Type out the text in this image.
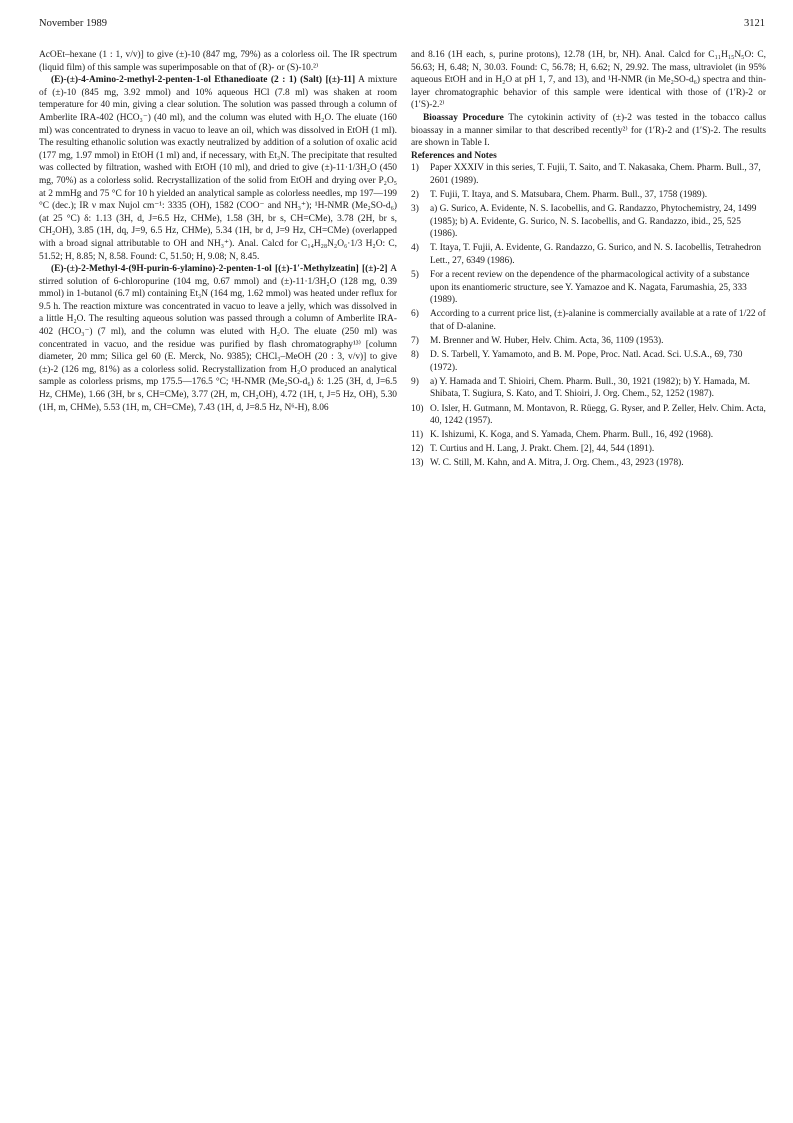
November 1989	3121

AcOEt–hexane (1 : 1, v/v)] to give (±)-10 (847 mg, 79%) as a colorless oil. The IR spectrum (liquid film) of this sample was superimposable on that of (R)- or (S)-10.²⁾

(E)-(±)-4-Amino-2-methyl-2-penten-1-ol Ethanedioate (2 : 1) (Salt) [(±)-11] A mixture of (±)-10 (845 mg, 3.92 mmol) and 10% aqueous HCl (7.8 ml) was shaken at room temperature for 40 min, giving a clear solution. The solution was passed through a column of Amberlite IRA-402 (HCO₃⁻) (40 ml), and the column was eluted with H₂O. The eluate (160 ml) was concentrated to dryness in vacuo to leave an oil, which was dissolved in EtOH (1 ml). The resulting ethanolic solution was exactly neutralized by addition of a solution of oxalic acid (177 mg, 1.97 mmol) in EtOH (1 ml) and, if necessary, with Et₃N. The precipitate that resulted was collected by filtration, washed with EtOH (10 ml), and dried to give (±)-11·1/3H₂O (450 mg, 70%) as a colorless solid. Recrystallization of the solid from EtOH and drying over P₂O₅ at 2 mmHg and 75 °C for 10 h yielded an analytical sample as colorless needles, mp 197—199 °C (dec.); IR ν max Nujol cm⁻¹: 3335 (OH), 1582 (COO⁻ and NH₃⁺); ¹H-NMR (Me₂SO-d₆) (at 25 °C) δ: 1.13 (3H, d, J=6.5 Hz, CHMe), 1.58 (3H, br s, CH=CMe), 3.78 (2H, br s, CH₂OH), 3.85 (1H, dq, J=9, 6.5 Hz, CHMe), 5.34 (1H, br d, J=9 Hz, CH=CMe) (overlapped with a broad signal attributable to OH and NH₃⁺). Anal. Calcd for C₁₄H₂₈N₂O₆·1/3 H₂O: C, 51.52; H, 8.85; N, 8.58. Found: C, 51.50; H, 9.08; N, 8.45.

(E)-(±)-2-Methyl-4-(9H-purin-6-ylamino)-2-penten-1-ol [(±)-1′-Methylzeatin] [(±)-2] A stirred solution of 6-chloropurine (104 mg, 0.67 mmol) and (±)-11·1/3H₂O (128 mg, 0.39 mmol) in 1-butanol (6.7 ml) containing Et₃N (164 mg, 1.62 mmol) was heated under reflux for 9.5 h. The reaction mixture was concentrated in vacuo to leave a jelly, which was dissolved in a little H₂O. The resulting aqueous solution was passed through a column of Amberlite IRA-402 (HCO₃⁻) (7 ml), and the column was eluted with H₂O. The eluate (250 ml) was concentrated in vacuo, and the residue was purified by flash chromatography¹³⁾ [column diameter, 20 mm; Silica gel 60 (E. Merck, No. 9385); CHCl₃–MeOH (20 : 3, v/v)] to give (±)-2 (126 mg, 81%) as a colorless solid. Recrystallization from H₂O produced an analytical sample as colorless prisms, mp 175.5—176.5 °C; ¹H-NMR (Me₂SO-d₆) δ: 1.25 (3H, d, J=6.5 Hz, CHMe), 1.66 (3H, br s, CH=CMe), 3.77 (2H, m, CH₂OH), 4.72 (1H, t, J=5 Hz, OH), 5.30 (1H, m, CHMe), 5.53 (1H, m, CH=CMe), 7.43 (1H, d, J=8.5 Hz, N⁶-H), 8.06

and 8.16 (1H each, s, purine protons), 12.78 (1H, br, NH). Anal. Calcd for C₁₁H₁₅N₅O: C, 56.63; H, 6.48; N, 30.03. Found: C, 56.78; H, 6.62; N, 29.92. The mass, ultraviolet (in 95% aqueous EtOH and in H₂O at pH 1, 7, and 13), and ¹H-NMR (in Me₂SO-d₆) spectra and thin-layer chromatographic behavior of this sample were identical with those of (1′R)-2 or (1′S)-2.²⁾

Bioassay Procedure The cytokinin activity of (±)-2 was tested in the tobacco callus bioassay in a manner similar to that described recently²⁾ for (1′R)-2 and (1′S)-2. The results are shown in Table I.

References and Notes

1)	Paper XXXIV in this series, T. Fujii, T. Saito, and T. Nakasaka, Chem. Pharm. Bull., 37, 2601 (1989).
2)	T. Fujii, T. Itaya, and S. Matsubara, Chem. Pharm. Bull., 37, 1758 (1989).
3)	a) G. Surico, A. Evidente, N. S. Iacobellis, and G. Randazzo, Phytochemistry, 24, 1499 (1985); b) A. Evidente, G. Surico, N. S. Iacobellis, and G. Randazzo, ibid., 25, 525 (1986).
4)	T. Itaya, T. Fujii, A. Evidente, G. Randazzo, G. Surico, and N. S. Iacobellis, Tetrahedron Lett., 27, 6349 (1986).
5)	For a recent review on the dependence of the pharmacological activity of a substance upon its enantiomeric structure, see Y. Yamazoe and K. Nagata, Farumashia, 25, 333 (1989).
6)	According to a current price list, (±)-alanine is commercially available at a rate of 1/22 of that of D-alanine.
7)	M. Brenner and W. Huber, Helv. Chim. Acta, 36, 1109 (1953).
8)	D. S. Tarbell, Y. Yamamoto, and B. M. Pope, Proc. Natl. Acad. Sci. U.S.A., 69, 730 (1972).
9)	a) Y. Hamada and T. Shioiri, Chem. Pharm. Bull., 30, 1921 (1982); b) Y. Hamada, M. Shibata, T. Sugiura, S. Kato, and T. Shioiri, J. Org. Chem., 52, 1252 (1987).
10) O. Isler, H. Gutmann, M. Montavon, R. Rüegg, G. Ryser, and P. Zeller, Helv. Chim. Acta, 40, 1242 (1957).
11) K. Ishizumi, K. Koga, and S. Yamada, Chem. Pharm. Bull., 16, 492 (1968).
12) T. Curtius and H. Lang, J. Prakt. Chem. [2], 44, 544 (1891).
13) W. C. Still, M. Kahn, and A. Mitra, J. Org. Chem., 43, 2923 (1978).
